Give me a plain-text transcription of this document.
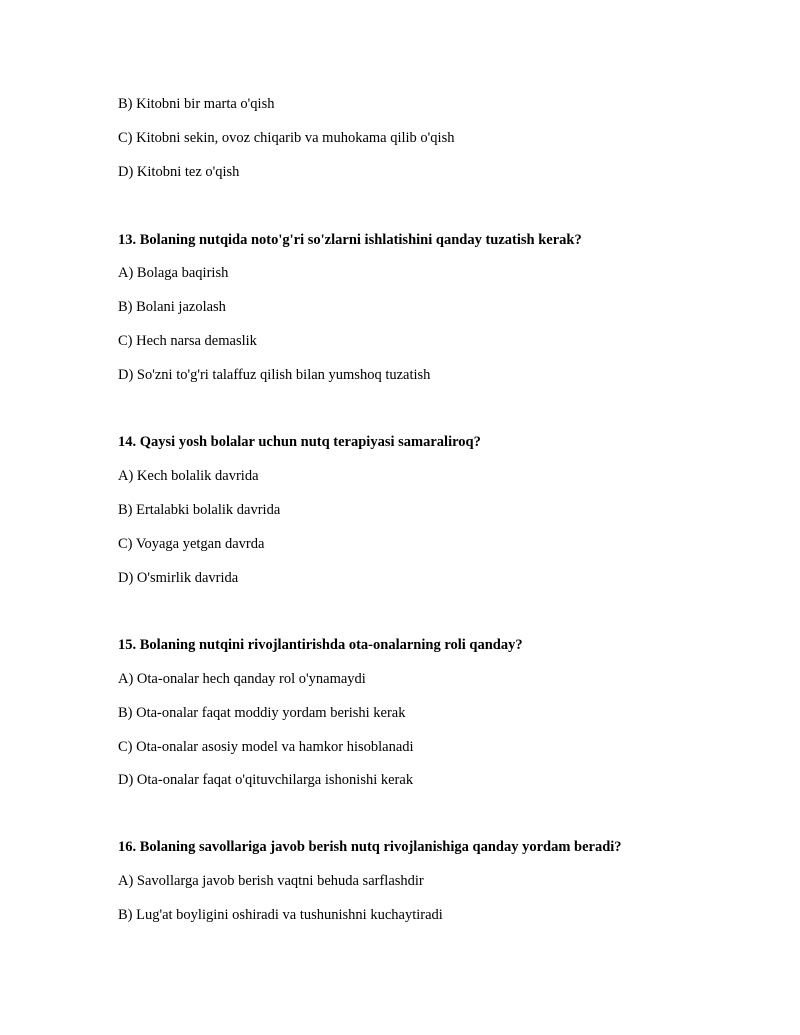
B) Kitobni bir marta o'qish
C) Kitobni sekin, ovoz chiqarib va muhokama qilib o'qish
D) Kitobni tez o'qish
13. Bolaning nutqida noto'g'ri so'zlarni ishlatishini qanday tuzatish kerak?
A) Bolaga baqirish
B) Bolani jazolash
C) Hech narsa demaslik
D) So'zni to'g'ri talaffuz qilish bilan yumshoq tuzatish
14. Qaysi yosh bolalar uchun nutq terapiyasi samaraliroq?
A) Kech bolalik davrida
B) Ertalabki bolalik davrida
C) Voyaga yetgan davrda
D) O'smirlik davrida
15. Bolaning nutqini rivojlantirishda ota-onalarning roli qanday?
A) Ota-onalar hech qanday rol o'ynamaydi
B) Ota-onalar faqat moddiy yordam berishi kerak
C) Ota-onalar asosiy model va hamkor hisoblanadi
D) Ota-onalar faqat o'qituvchilarga ishonishi kerak
16. Bolaning savollariga javob berish nutq rivojlanishiga qanday yordam beradi?
A) Savollarga javob berish vaqtni behuda sarflashdir
B) Lug'at boyligini oshiradi va tushunishni kuchaytiradi
